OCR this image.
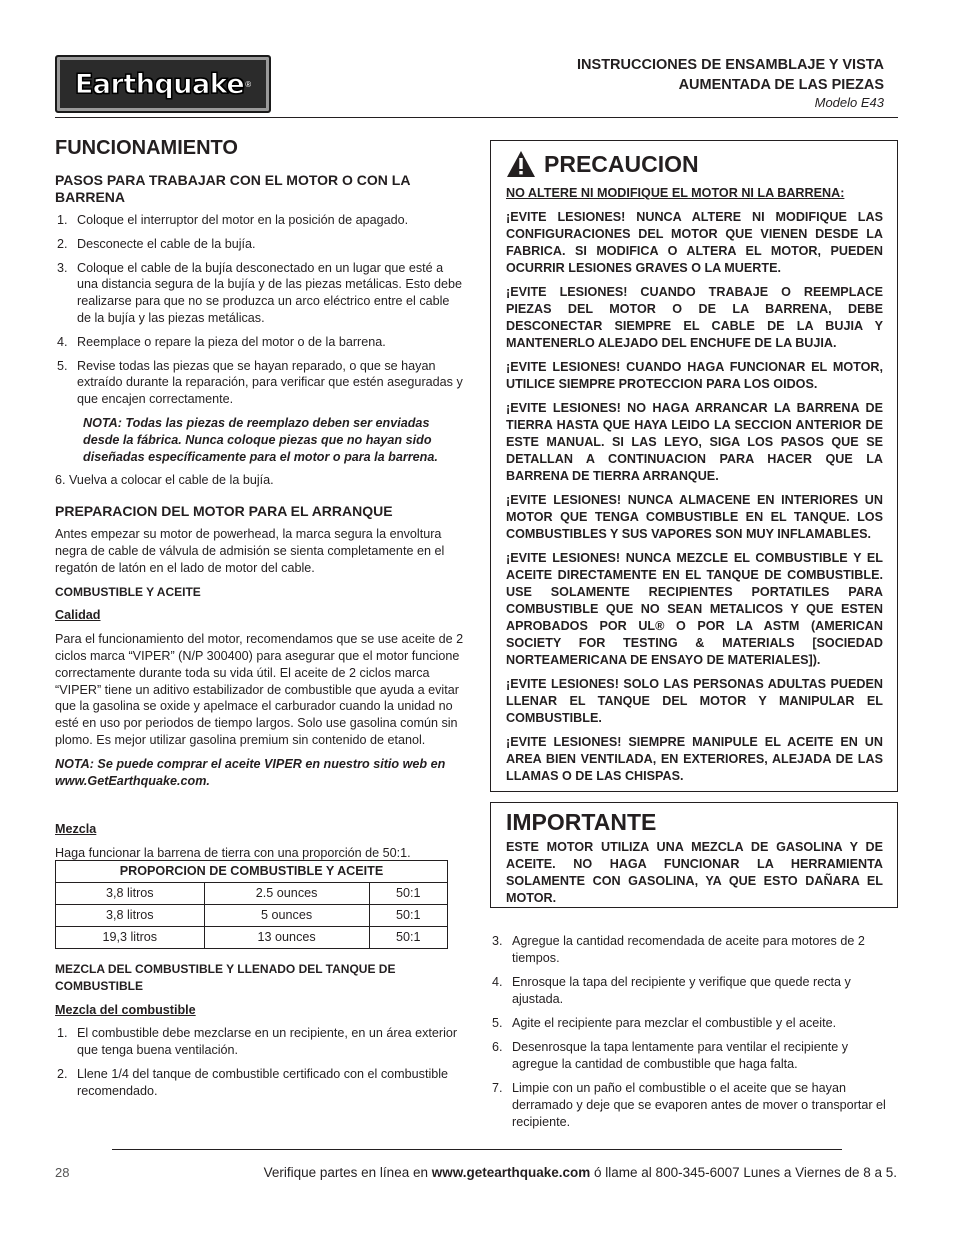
Earthquake ®
INSTRUCCIONES DE ENSAMBLAJE Y VISTA
AUMENTADA DE LAS PIEZAS
Modelo E43
FUNCIONAMIENTO
PASOS PARA TRABAJAR CON EL MOTOR O CON LA BARRENA
1. Coloque el interruptor del motor en la posición de apagado.
2. Desconecte el cable de la bujía.
3. Coloque el cable de la bujía desconectado en un lugar que esté a una distancia segura de la bujía y de las piezas metálicas. Esto debe realizarse para que no se produzca un arco eléctrico entre el cable de la bujía y las piezas metálicas.
4. Reemplace o repare la pieza del motor o de la barrena.
5. Revise todas las piezas que se hayan reparado, o que se hayan extraído durante la reparación, para verificar que estén aseguradas y que encajen correctamente.
NOTA: Todas las piezas de reemplazo deben ser enviadas desde la fábrica. Nunca coloque piezas que no hayan sido diseñadas específicamente para el motor o para la barrena.

6. Vuelva a colocar el cable de la bujía.

PREPARACION DEL MOTOR PARA EL ARRANQUE

Antes empezar su motor de powerhead, la marca segura la envoltura negra de cable de válvula de admisión se sienta completamente en el regatón de latón en el lado de motor del cable.

COMBUSTIBLE Y ACEITE

Calidad

Para el funcionamiento del motor, recomendamos que se use aceite de 2 ciclos marca “VIPER” (N/P 300400) para asegurar que el motor funcione correctamente durante toda su vida útil. El aceite de 2 ciclos marca “VIPER” tiene un aditivo estabilizador de combustible que ayuda a evitar que la gasolina se oxide y apelmace el carburador cuando la unidad no esté en uso por periodos de tiempo largos. Solo use gasolina común sin plomo. Es mejor utilizar gasolina premium sin contenido de etanol.

NOTA: Se puede comprar el aceite VIPER en nuestro sitio web en www.GetEarthquake.com.

Mezcla

Haga funcionar la barrena de tierra con una proporción de 50:1.

PROPORCION DE COMBUSTIBLE Y ACEITE		
3,8 litros	2.5 ounces	50:1
3,8 litros	5 ounces	50:1
19,3 litros	13 ounces	50:1

MEZCLA DEL COMBUSTIBLE Y LLENADO DEL TANQUE DE COMBUSTIBLE

Mezcla del combustible

1. El combustible debe mezclarse en un recipiente, en un área exterior que tenga buena ventilación.
2. Llene 1/4 del tanque de combustible certificado con el combustible recomendado.
PRECAUCION

NO ALTERE NI MODIFIQUE EL MOTOR NI LA BARRENA:

¡EVITE LESIONES! NUNCA ALTERE NI MODIFIQUE LAS CONFIGURACIONES DEL MOTOR QUE VIENEN DESDE LA FABRICA. SI MODIFICA O ALTERA EL MOTOR, PUEDEN OCURRIR LESIONES GRAVES O LA MUERTE.

¡EVITE LESIONES! CUANDO TRABAJE O REEMPLACE PIEZAS DEL MOTOR O DE LA BARRENA, DEBE DESCONECTAR SIEMPRE EL CABLE DE LA BUJIA Y MANTENERLO ALEJADO DEL ENCHUFE DE LA BUJIA.

¡EVITE LESIONES! CUANDO HAGA FUNCIONAR EL MOTOR, UTILICE SIEMPRE PROTECCION PARA LOS OIDOS.

¡EVITE LESIONES! NO HAGA ARRANCAR LA BARRENA DE TIERRA HASTA QUE HAYA LEIDO LA SECCION ANTERIOR DE ESTE MANUAL. SI LAS LEYO, SIGA LOS PASOS QUE SE DETALLAN A CONTINUACION PARA HACER QUE LA BARRENA DE TIERRA ARRANQUE.

¡EVITE LESIONES! NUNCA ALMACENE EN INTERIORES UN MOTOR QUE TENGA COMBUSTIBLE EN EL TANQUE. LOS COMBUSTIBLES Y SUS VAPORES SON MUY INFLAMABLES.

¡EVITE LESIONES! NUNCA MEZCLE EL COMBUSTIBLE Y EL ACEITE DIRECTAMENTE EN EL TANQUE DE COMBUSTIBLE. USE SOLAMENTE RECIPIENTES PORTATILES PARA COMBUSTIBLE QUE NO SEAN METALICOS Y QUE ESTEN APROBADOS POR UL® O POR LA ASTM (AMERICAN SOCIETY FOR TESTING & MATERIALS [SOCIEDAD NORTEAMERICANA DE ENSAYO DE MATERIALES]).

¡EVITE LESIONES! SOLO LAS PERSONAS ADULTAS PUEDEN LLENAR EL TANQUE DEL MOTOR Y MANIPULAR EL COMBUSTIBLE.

¡EVITE LESIONES! SIEMPRE MANIPULE EL ACEITE EN UN AREA BIEN VENTILADA, EN EXTERIORES, ALEJADA DE LAS LLAMAS O DE LAS CHISPAS.

IMPORTANTE

ESTE MOTOR UTILIZA UNA MEZCLA DE GASOLINA Y DE ACEITE. NO HAGA FUNCIONAR LA HERRAMIENTA SOLAMENTE CON GASOLINA, YA QUE ESTO DAÑARA EL MOTOR.

3. Agregue la cantidad recomendada de aceite para motores de 2 tiempos.
4. Enrosque la tapa del recipiente y verifique que quede recta y ajustada.
5. Agite el recipiente para mezclar el combustible y el aceite.
6. Desenrosque la tapa lentamente para ventilar el recipiente y agregue la cantidad de combustible que haga falta.
7. Limpie con un paño el combustible o el aceite que se hayan derramado y deje que se evaporen antes de mover o transportar el recipiente.
28	Verifique partes en línea en www.getearthquake.com ó llame al 800-345-6007 Lunes a Viernes de 8 a 5.
